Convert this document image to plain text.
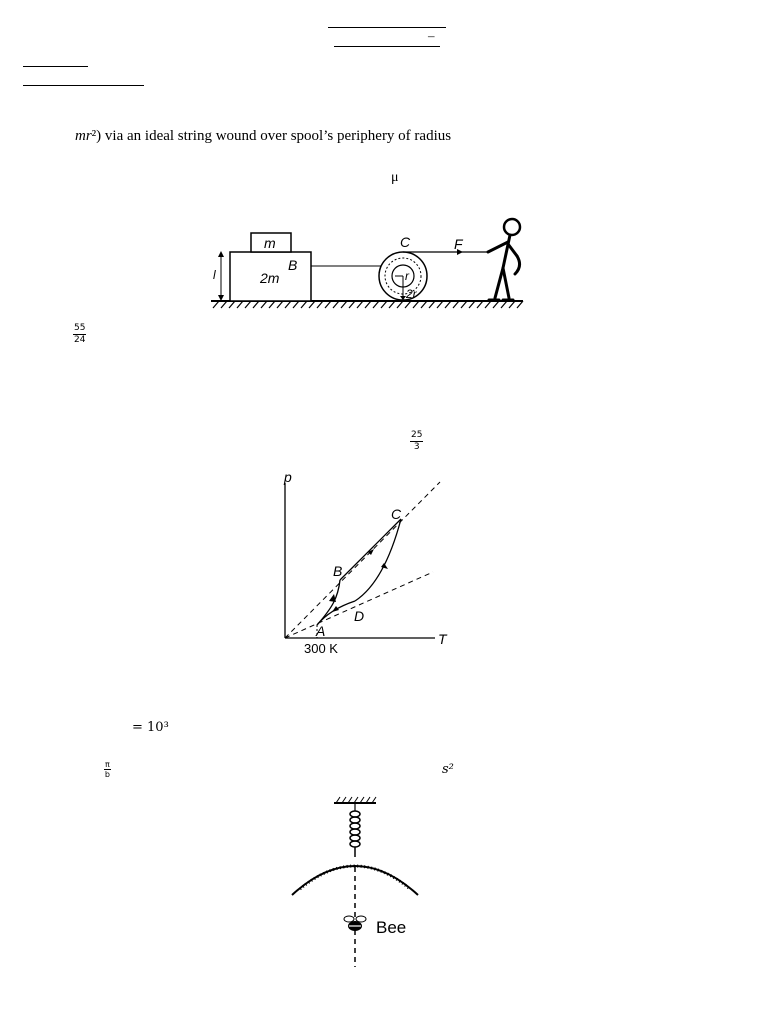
–
mr²) via an ideal string wound over spool’s periphery of radius
μ
l	2m
B
m
r
2r
C	F
$\frac{55}{24}$
$\frac{25}{3}$
p
T
300 K
A
B
C
D
= 10³
$\frac{\pi}{b}$	s²
Bee
